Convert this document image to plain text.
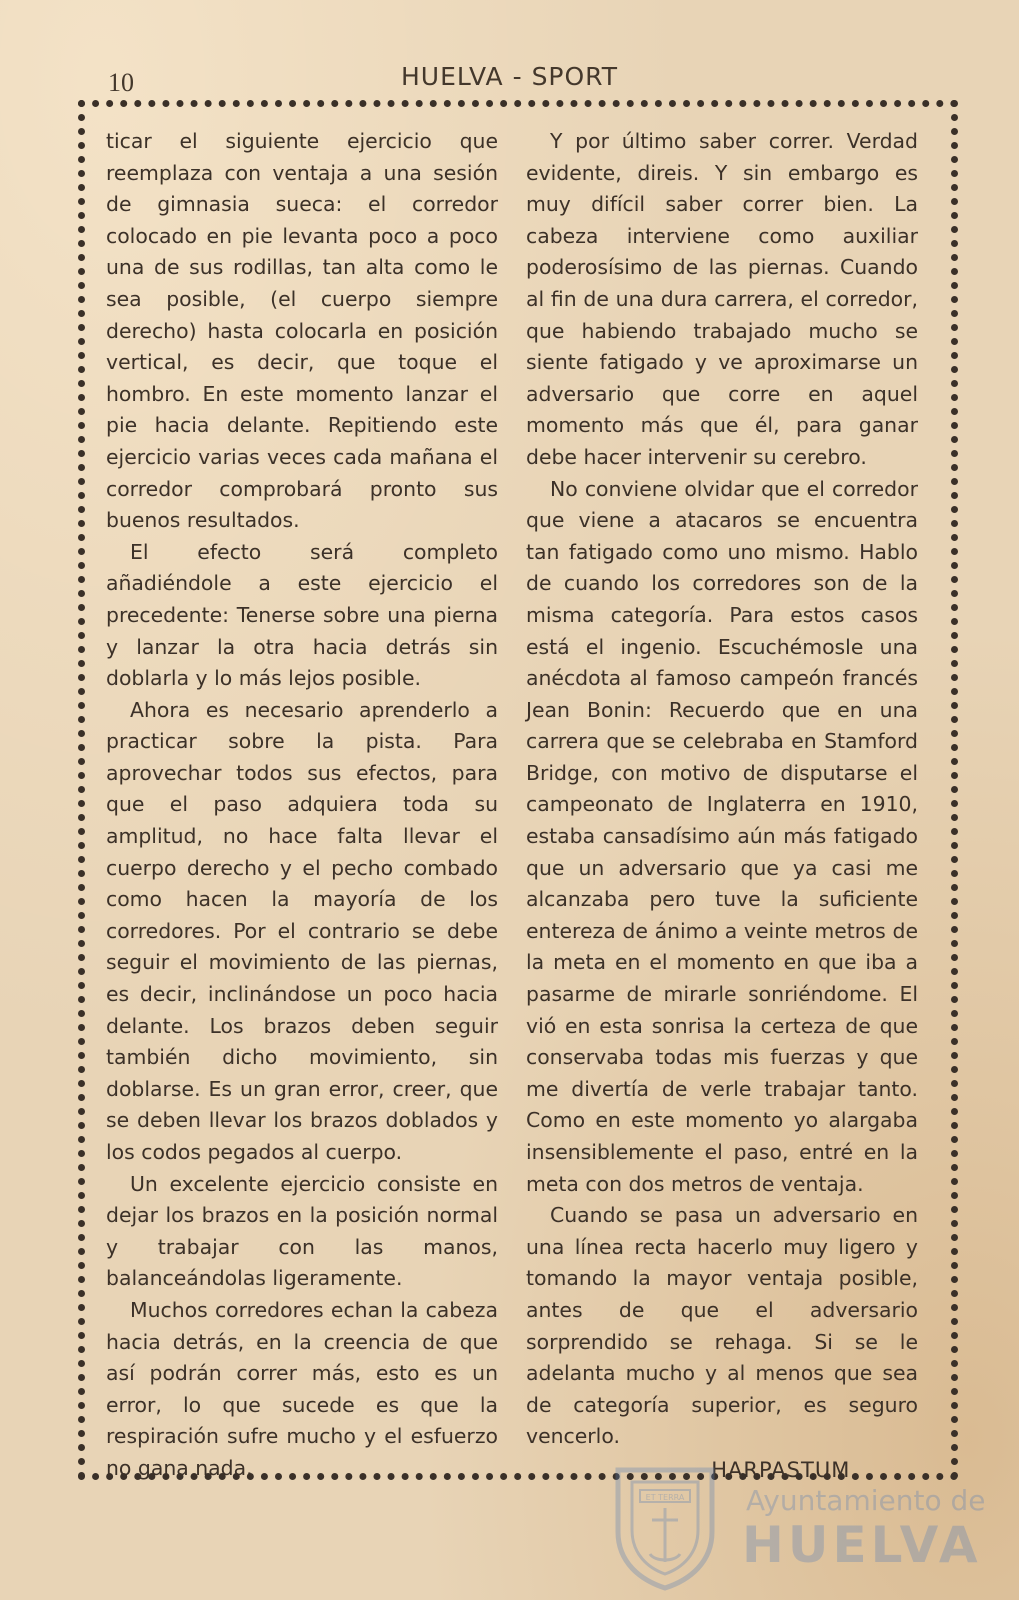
10	HUELVA - SPORT

ticar el siguiente ejercicio que reemplaza con ventaja a una sesión de gimnasia sueca: el corredor colocado en pie levanta poco a poco una de sus rodillas, tan alta como le sea posible, (el cuerpo siempre derecho) hasta colocarla en posición vertical, es decir, que toque el hombro. En este momento lanzar el pie hacia delante. Repitiendo este ejercicio varias veces cada mañana el corredor comprobará pronto sus buenos resultados.

El efecto será completo añadiéndole a este ejercicio el precedente: Tenerse sobre una pierna y lanzar la otra hacia detrás sin doblarla y lo más lejos posible.

Ahora es necesario aprenderlo a practicar sobre la pista. Para aprovechar todos sus efectos, para que el paso adquiera toda su amplitud, no hace falta llevar el cuerpo derecho y el pecho combado como hacen la mayoría de los corredores. Por el contrario se debe seguir el movimiento de las piernas, es decir, inclinándose un poco hacia delante. Los brazos deben seguir también dicho movimiento, sin doblarse. Es un gran error, creer, que se deben llevar los brazos doblados y los codos pegados al cuerpo.

Un excelente ejercicio consiste en dejar los brazos en la posición normal y trabajar con las manos, balanceándolas ligeramente.

Muchos corredores echan la cabeza hacia detrás, en la creencia de que así podrán correr más, esto es un error, lo que sucede es que la respiración sufre mucho y el esfuerzo no gana nada.

Y por último saber correr. Verdad evidente, direis. Y sin embargo es muy difícil saber correr bien. La cabeza interviene como auxiliar poderosísimo de las piernas. Cuando al fin de una dura carrera, el corredor, que habiendo trabajado mucho se siente fatigado y ve aproximarse un adversario que corre en aquel momento más que él, para ganar debe hacer intervenir su cerebro.

No conviene olvidar que el corredor que viene a atacaros se encuentra tan fatigado como uno mismo. Hablo de cuando los corredores son de la misma categoría. Para estos casos está el ingenio. Escuchémosle una anécdota al famoso campeón francés Jean Bonin: Recuerdo que en una carrera que se celebraba en Stamford Bridge, con motivo de disputarse el campeonato de Inglaterra en 1910, estaba cansadísimo aún más fatigado que un adversario que ya casi me alcanzaba pero tuve la suficiente entereza de ánimo a veinte metros de la meta en el momento en que iba a pasarme de mirarle sonriéndome. El vió en esta sonrisa la certeza de que conservaba todas mis fuerzas y que me divertía de verle trabajar tanto. Como en este momento yo alargaba insensiblemente el paso, entré en la meta con dos metros de ventaja.

Cuando se pasa un adversario en una línea recta hacerlo muy ligero y tomando la mayor ventaja posible, antes de que el adversario sorprendido se rehaga. Si se le adelanta mucho y al menos que sea de categoría superior, es seguro vencerlo.

HARPASTUM.
ET TERRA Ayuntamiento de
HUELVA
